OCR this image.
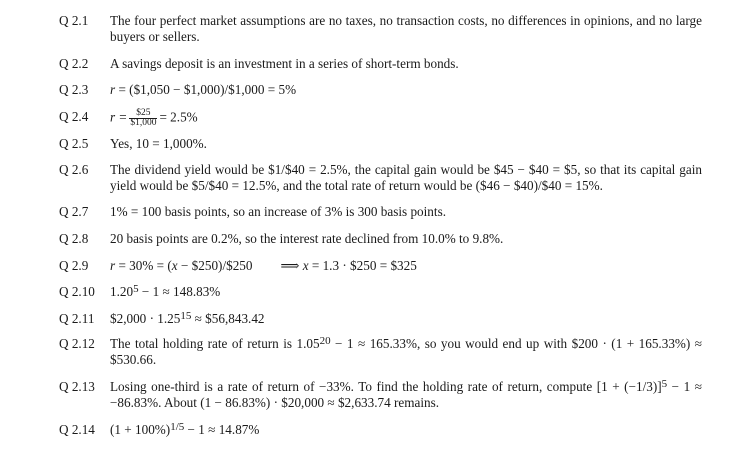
Q 2.1 The four perfect market assumptions are no taxes, no transaction costs, no differences in opinions, and no large buyers or sellers.
Q 2.2 A savings deposit is an investment in a series of short-term bonds.
Q 2.3 r = ($1,050 − $1,000)/$1,000 = 5%
Q 2.4 $r = \frac{\$25}{\$1,000} = 2.5\%$
Q 2.5 Yes, 10 = 1,000%.
Q 2.6 The dividend yield would be $1/$40 = 2.5%, the capital gain would be $45 − $40 = $5, so that its capital gain yield would be $5/$40 = 12.5%, and the total rate of return would be ($46 − $40)/$40 = 15%.
Q 2.7 1% = 100 basis points, so an increase of 3% is 300 basis points.
Q 2.8 20 basis points are 0.2%, so the interest rate declined from 10.0% to 9.8%.
Q 2.9 r = 30% = (x − $250)/$250 ⟹ x = 1.3 · $250 = $325
Q 2.10 $1.20^5 - 1 \approx 148.83\%$
Q 2.11 $2,000 · $1.25^{15}$ ≈ $56,843.42
Q 2.12 The total holding rate of return is $1.05^{20} - 1 \approx 165.33\%$, so you would end up with $200 · (1 + 165.33%) ≈ $530.66.
Q 2.13 Losing one-third is a rate of return of −33%. To find the holding rate of return, compute $[1 + (-1/3)]^5 - 1 \approx -86.83\%$. About (1 − 86.83%) · $20,000 ≈ $2,633.74 remains.
Q 2.14 $(1 + 100\%)^{1/5} - 1 \approx 14.87\%$
